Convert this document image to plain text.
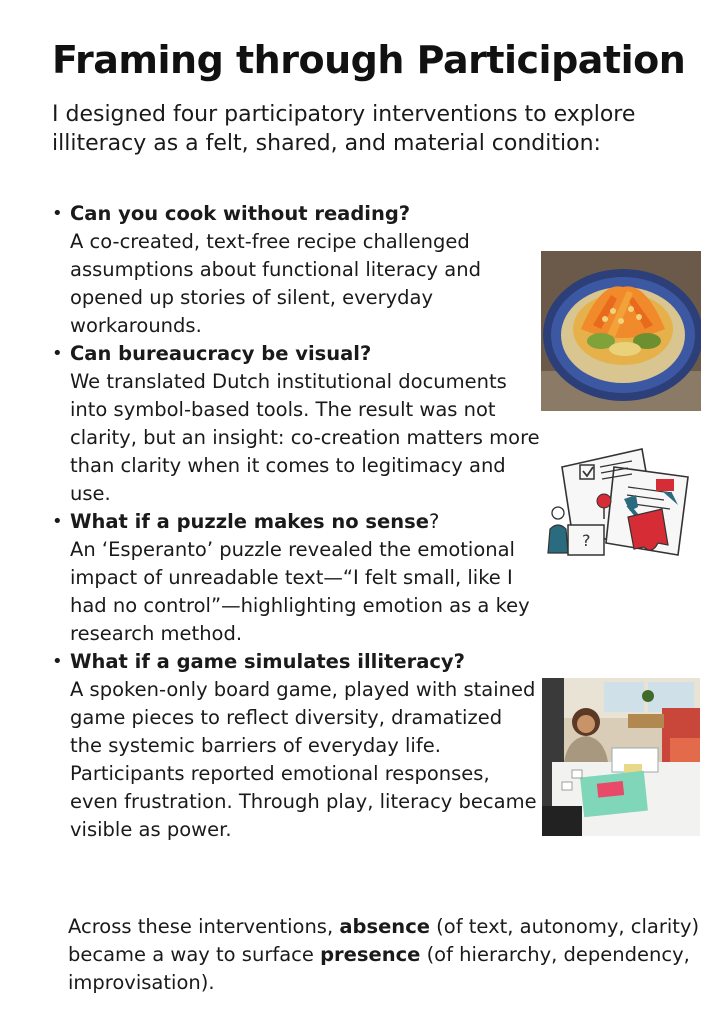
Framing through Participation

I designed four participatory interventions to explore illiteracy as a felt, shared, and material condition:

• Can you cook without reading?
A co-created, text-free recipe challenged assumptions about functional literacy and opened up stories of silent, everyday workarounds.
• Can bureaucracy be visual?
We translated Dutch institutional documents into symbol-based tools. The result was not clarity, but an insight: co-creation matters more than clarity when it comes to legitimacy and use.
• What if a puzzle makes no sense?
An ‘Esperanto’ puzzle revealed the emotional impact of unreadable text—“I felt small, like I had no control”—highlighting emotion as a key research method.
• What if a game simulates illiteracy?
A spoken-only board game, played with stained game pieces to reflect diversity, dramatized the systemic barriers of everyday life. Participants reported emotional responses, even frustration. Through play, literacy became visible as power.

Across these interventions, absence (of text, autonomy, clarity) became a way to surface presence (of hierarchy, dependency, improvisation).

?
